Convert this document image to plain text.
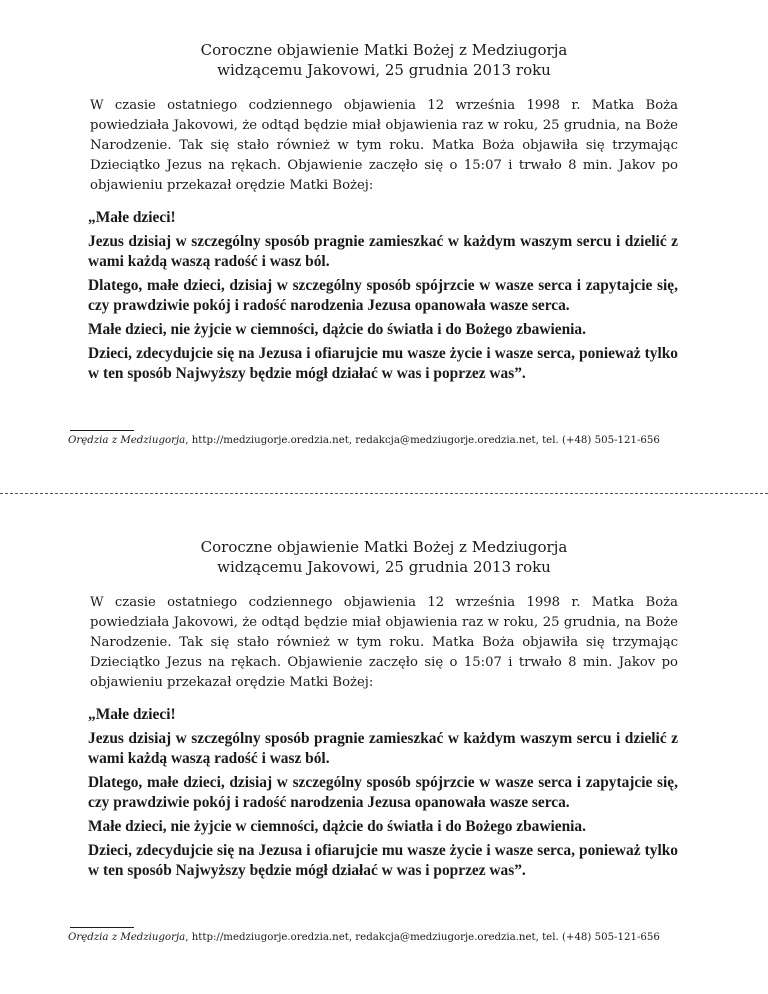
Coroczne objawienie Matki Bożej z Medziugorja
widzącemu Jakovowi, 25 grudnia 2013 roku
W czasie ostatniego codziennego objawienia 12 września 1998 r. Matka Boża powiedziała Jakovowi, że odtąd będzie miał objawienia raz w roku, 25 grudnia, na Boże Narodzenie. Tak się stało również w tym roku. Matka Boża objawiła się trzymając Dzieciątko Jezus na rękach. Objawienie zaczęło się o 15:07 i trwało 8 min. Jakov po objawieniu przekazał orędzie Matki Bożej:

„Małe dzieci!

Jezus dzisiaj w szczególny sposób pragnie zamieszkać w każdym waszym sercu i dzielić z wami każdą waszą radość i wasz ból.

Dlatego, małe dzieci, dzisiaj w szczególny sposób spójrzcie w wasze serca i zapytajcie się, czy prawdziwie pokój i radość narodzenia Jezusa opanowała wasze serca.

Małe dzieci, nie żyjcie w ciemności, dążcie do światła i do Bożego zbawienia.

Dzieci, zdecydujcie się na Jezusa i ofiarujcie mu wasze życie i wasze serca, ponieważ tylko w ten sposób Najwyższy będzie mógł działać w was i poprzez was”.

Orędzia z Medziugorja, http://medziugorje.oredzia.net, redakcja@medziugorje.oredzia.net, tel. (+48) 505-121-656
Coroczne objawienie Matki Bożej z Medziugorja
widzącemu Jakovowi, 25 grudnia 2013 roku
W czasie ostatniego codziennego objawienia 12 września 1998 r. Matka Boża powiedziała Jakovowi, że odtąd będzie miał objawienia raz w roku, 25 grudnia, na Boże Narodzenie. Tak się stało również w tym roku. Matka Boża objawiła się trzymając Dzieciątko Jezus na rękach. Objawienie zaczęło się o 15:07 i trwało 8 min. Jakov po objawieniu przekazał orędzie Matki Bożej:

„Małe dzieci!

Jezus dzisiaj w szczególny sposób pragnie zamieszkać w każdym waszym sercu i dzielić z wami każdą waszą radość i wasz ból.

Dlatego, małe dzieci, dzisiaj w szczególny sposób spójrzcie w wasze serca i zapytajcie się, czy prawdziwie pokój i radość narodzenia Jezusa opanowała wasze serca.

Małe dzieci, nie żyjcie w ciemności, dążcie do światła i do Bożego zbawienia.

Dzieci, zdecydujcie się na Jezusa i ofiarujcie mu wasze życie i wasze serca, ponieważ tylko w ten sposób Najwyższy będzie mógł działać w was i poprzez was”.

Orędzia z Medziugorja, http://medziugorje.oredzia.net, redakcja@medziugorje.oredzia.net, tel. (+48) 505-121-656
